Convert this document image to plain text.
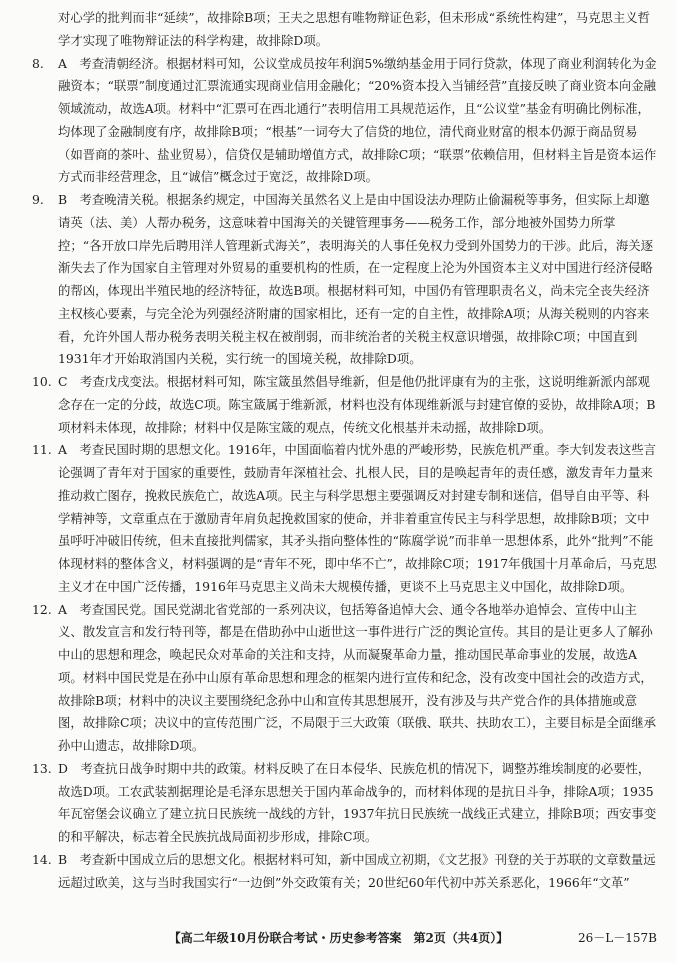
对心学的批判而非“延续”，故排除B项；王夫之思想有唯物辩证色彩，但未形成“系统性构建”，马克思主义哲学才实现了唯物辩证法的科学构建，故排除D项。

8.	A　考查清朝经济。根据材料可知，公议堂成员按年利润5%缴纳基金用于同行贷款，体现了商业利润转化为金融资本；“联票”制度通过汇票流通实现商业信用金融化；“20%资本投入当铺经营”直接反映了商业资本向金融领域流动，故选A项。材料中“汇票可在西北通行”表明信用工具规范运作，且“公议堂”基金有明确比例标准，均体现了金融制度有序，故排除B项；“根基”一词夸大了信贷的地位，清代商业财富的根本仍源于商品贸易（如晋商的茶叶、盐业贸易），信贷仅是辅助增值方式，故排除C项；“联票”依赖信用，但材料主旨是资本运作方式而非经营理念，且“诚信”概念过于宽泛，故排除D项。
9.	B　考查晚清关税。根据条约规定，中国海关虽然名义上是由中国设法办理防止偷漏税等事务，但实际上却邀请英（法、美）人帮办税务，这意味着中国海关的关键管理事务——税务工作，部分地被外国势力所掌控；“各开放口岸先后聘用洋人管理新式海关”，表明海关的人事任免权力受到外国势力的干涉。此后，海关逐渐失去了作为国家自主管理对外贸易的重要机构的性质，在一定程度上沦为外国资本主义对中国进行经济侵略的帮凶，体现出半殖民地的经济特征，故选B项。根据材料可知，中国仍有管理职责名义，尚未完全丧失经济主权核心要素，与完全沦为列强经济附庸的国家相比，还有一定的自主性，故排除A项；从海关税则的内容来看，允许外国人帮办税务表明关税主权在被削弱，而非统治者的关税主权意识增强，故排除C项；中国直到1931年才开始取消国内关税，实行统一的国境关税，故排除D项。
10. C　考查戊戌变法。根据材料可知，陈宝箴虽然倡导维新，但是他仍批评康有为的主张，这说明维新派内部观念存在一定的分歧，故选C项。陈宝箴属于维新派，材料也没有体现维新派与封建官僚的妥协，故排除A项；B项材料未体现，故排除；材料中仅是陈宝箴的观点，传统文化根基并未动摇，故排除D项。
11. A　考查民国时期的思想文化。1916年，中国面临着内忧外患的严峻形势，民族危机严重。李大钊发表这些言论强调了青年对于国家的重要性，鼓励青年深植社会、扎根人民，目的是唤起青年的责任感，激发青年力量来推动救亡图存，挽救民族危亡，故选A项。民主与科学思想主要强调反对封建专制和迷信，倡导自由平等、科学精神等，文章重点在于激励青年肩负起挽救国家的使命，并非着重宣传民主与科学思想，故排除B项；文中虽呼吁冲破旧传统，但未直接批判儒家，其矛头指向整体性的“陈腐学说”而非单一思想体系，此外“批判”不能体现材料的整体含义，材料强调的是“青年不死，即中华不亡”，故排除C项；1917年俄国十月革命后，马克思主义才在中国广泛传播，1916年马克思主义尚未大规模传播，更谈不上马克思主义中国化，故排除D项。
12. A　考查国民党。国民党湖北省党部的一系列决议，包括筹备追悼大会、通令各地举办追悼会、宣传中山主义、散发宣言和发行特刊等，都是在借助孙中山逝世这一事件进行广泛的舆论宣传。其目的是让更多人了解孙中山的思想和理念，唤起民众对革命的关注和支持，从而凝聚革命力量，推动国民革命事业的发展，故选A项。材料中国民党是在孙中山原有革命思想和理念的框架内进行宣传和纪念，没有改变中国社会的改造方式，故排除B项；材料中的决议主要围绕纪念孙中山和宣传其思想展开，没有涉及与共产党合作的具体措施或意图，故排除C项；决议中的宣传范围广泛，不局限于三大政策（联俄、联共、扶助农工），主要目标是全面继承孙中山遗志，故排除D项。
13. D　考查抗日战争时期中共的政策。材料反映了在日本侵华、民族危机的情况下，调整苏维埃制度的必要性，故选D项。工农武装割据理论是毛泽东思想关于国内革命战争的，而材料体现的是抗日斗争，排除A项；1935年瓦窑堡会议确立了建立抗日民族统一战线的方针，1937年抗日民族统一战线正式建立，排除B项；西安事变的和平解决，标志着全民族抗战局面初步形成，排除C项。
14. B　考查新中国成立后的思想文化。根据材料可知，新中国成立初期，《文艺报》刊登的关于苏联的文章数量远远超过欧美，这与当时我国实行“一边倒”外交政策有关；20世纪60年代初中苏关系恶化，1966年“文革”
【高二年级10月份联合考试・历史参考答案　第2页（共4页）】	26－L－157B
